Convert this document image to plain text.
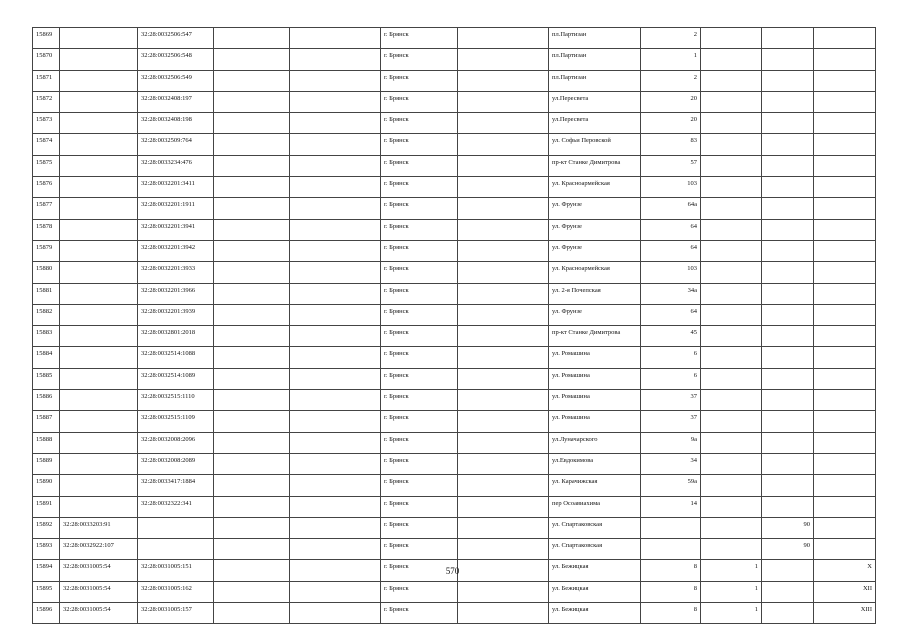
15869		32:28:0032506:547			г. Брянск		пл.Партизан	2			
15870		32:28:0032506:548			г. Брянск		пл.Партизан	1			
15871		32:28:0032506:549			г. Брянск		пл.Партизан	2			
15872		32:28:0032408:197			г. Брянск		ул.Пересвета	20			
15873		32:28:0032408:198			г. Брянск		ул.Пересвета	20			
15874		32:28:0032509:764			г. Брянск		ул. Софьи Перовской	83			
15875		32:28:0033234:476			г. Брянск		пр-кт Станке Димитрова	57			
15876		32:28:0032201:3411			г. Брянск		ул. Красноармейская	103			
15877		32:28:0032201:1911			г. Брянск		ул. Фрунзе	64а			
15878		32:28:0032201:3941			г. Брянск		ул. Фрунзе	64			
15879		32:28:0032201:3942			г. Брянск		ул. Фрунзе	64			
15880		32:28:0032201:3933			г. Брянск		ул. Красноармейская	103			
15881		32:28:0032201:3966			г. Брянск		ул. 2-я Почепская	34а			
15882		32:28:0032201:3939			г. Брянск		ул. Фрунзе	64			
15883		32:28:0032801:2018			г. Брянск		пр-кт Станке Димитрова	45			
15884		32:28:0032514:1088			г. Брянск		ул. Ромашина	6			
15885		32:28:0032514:1089			г. Брянск		ул. Ромашина	6			
15886		32:28:0032515:1110			г. Брянск		ул. Ромашина	37			
15887		32:28:0032515:1109			г. Брянск		ул. Ромашина	37			
15888		32:28:0032008:2096			г. Брянск		ул.Луначарского	9а			
15889		32:28:0032008:2089			г. Брянск		ул.Евдокимова	34			
15890		32:28:0033417:1884			г. Брянск		ул. Карачижская	59а			
15891		32:28:0032322:341			г. Брянск		пер Осоавиахима	14			
15892	32:28:0033203:91				г. Брянск		ул. Спартаковская			90	
15893	32:28:0032922:107				г. Брянск		ул. Спартаковская			90	
15894	32:28:0031005:54	32:28:0031005:151			г. Брянск		ул. Бежицкая	8	1		X
15895	32:28:0031005:54	32:28:0031005:162			г. Брянск		ул. Бежицкая	8	1		XII
15896	32:28:0031005:54	32:28:0031005:157			г. Брянск		ул. Бежицкая	8	1		XIII
570
